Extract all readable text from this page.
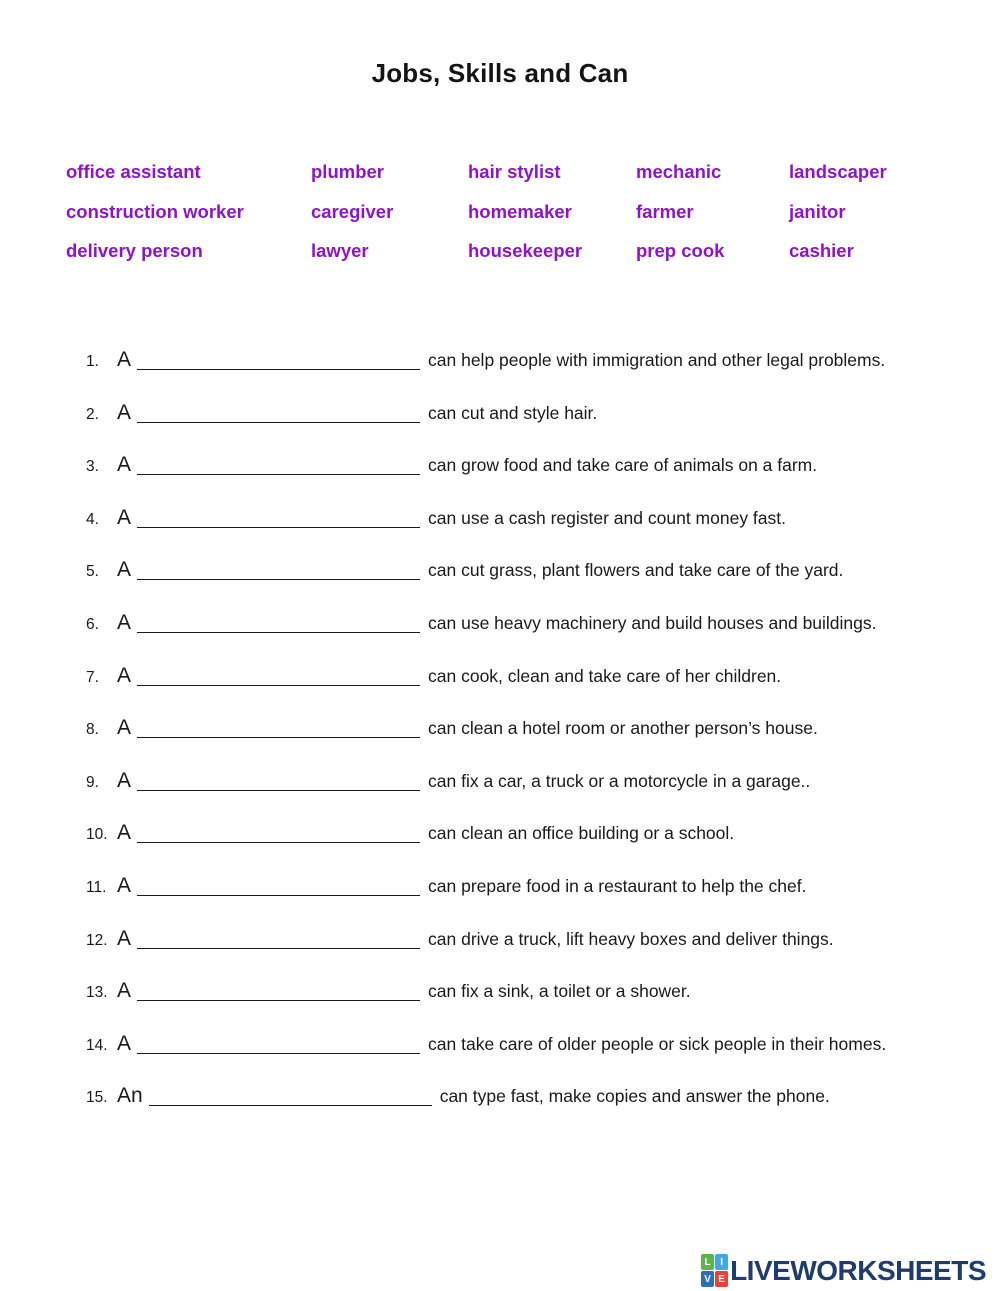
Jobs, Skills and Can
office assistant	plumber	hair stylist	mechanic	landscaper
construction worker	caregiver	homemaker	farmer	janitor
delivery person	lawyer	housekeeper	prep cook	cashier
1. A
	can help people with immigration and other legal problems.
2. A
	can cut and style hair.
3. A
	can grow food and take care of animals on a farm.
4. A
	can use a cash register and count money fast.
5. A
	can cut grass, plant flowers and take care of the yard.
6. A
	can use heavy machinery and build houses and buildings.
7. A
	can cook, clean and take care of her children.
8. A
	can clean a hotel room or another person’s house.
9. A
	can fix a car, a truck or a motorcycle in a garage..
10. A
	can clean an office building or a school.
11. A
	can prepare food in a restaurant to help the chef.
12. A
	can drive a truck, lift heavy boxes and deliver things.
13. A
	can fix a sink, a toilet or a shower.
14. A
	can take care of older people or sick people in their homes.
15. An
	can type fast, make copies and answer the phone.
L I
V E LIVEWORKSHEETS
